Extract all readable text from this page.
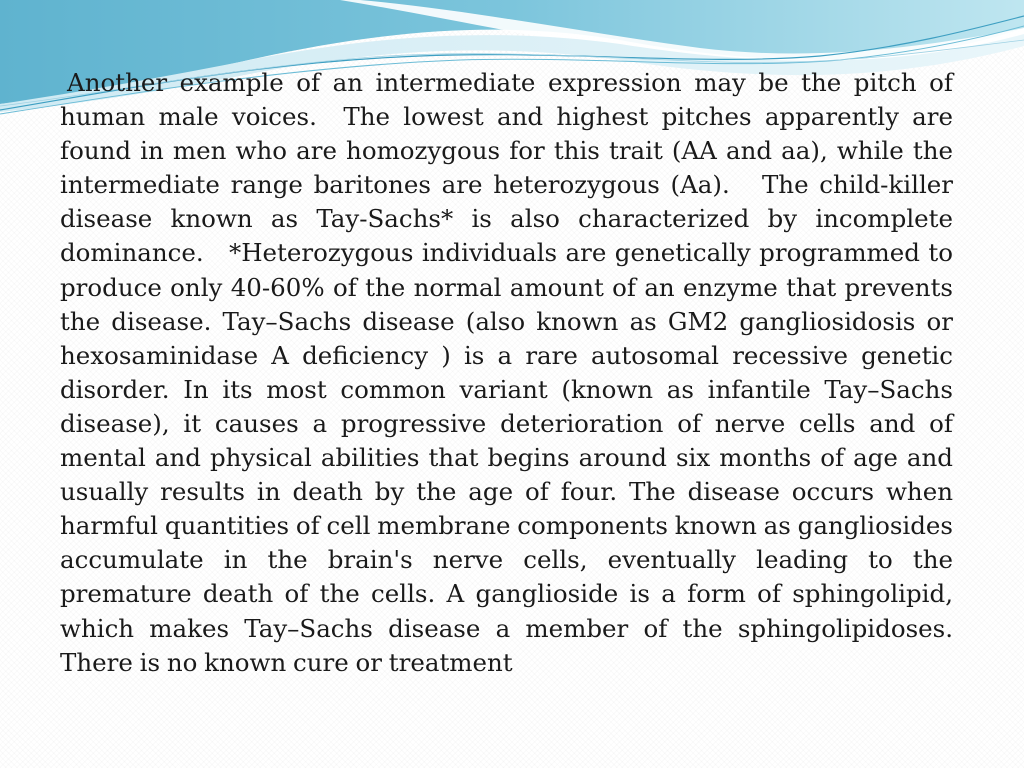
Another example of an intermediate expression may be the pitch of human male voices.  The lowest and highest pitches apparently are found in men who are homozygous for this trait (AA and aa), while the intermediate range baritones are heterozygous (Aa).   The child-killer disease known as Tay-Sachs* is also characterized by incomplete dominance.   *Heterozygous individuals are genetically programmed to produce only 40-60% of the normal amount of an enzyme that prevents the disease. Tay–Sachs disease (also known as GM2 gangliosidosis or hexosaminidase A deficiency ) is a rare autosomal recessive genetic disorder. In its most common variant (known as infantile Tay–Sachs disease), it causes a progressive deterioration of nerve cells and of mental and physical abilities that begins around six months of age and usually results in death by the age of four. The disease occurs when harmful quantities of cell membrane components known as gangliosides accumulate in the brain's nerve cells, eventually leading to the premature death of the cells. A ganglioside is a form of sphingolipid, which makes Tay–Sachs disease a member of the sphingolipidoses. There is no known cure or treatment
